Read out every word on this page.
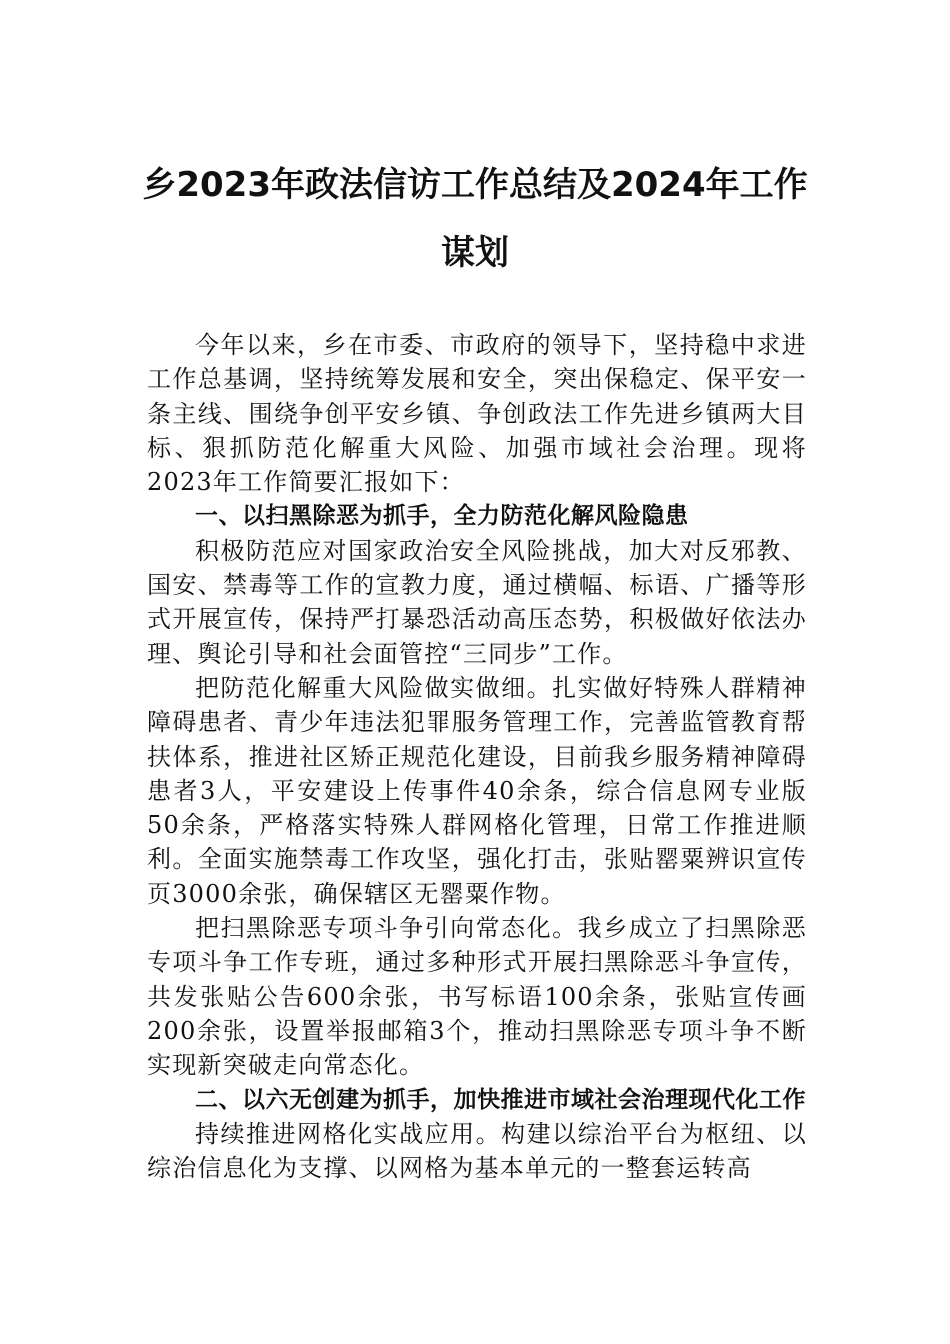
乡2023年政法信访工作总结及2024年工作
谋划

今年以来，乡在市委、市政府的领导下，坚持稳中求进工作总基调，坚持统筹发展和安全，突出保稳定、保平安一条主线、围绕争创平安乡镇、争创政法工作先进乡镇两大目标、狠抓防范化解重大风险、加强市域社会治理。现将2023年工作简要汇报如下：

一、以扫黑除恶为抓手，全力防范化解风险隐患

积极防范应对国家政治安全风险挑战，加大对反邪教、国安、禁毒等工作的宣教力度，通过横幅、标语、广播等形式开展宣传，保持严打暴恐活动高压态势，积极做好依法办理、舆论引导和社会面管控“三同步”工作。

把防范化解重大风险做实做细。扎实做好特殊人群精神障碍患者、青少年违法犯罪服务管理工作，完善监管教育帮扶体系，推进社区矫正规范化建设，目前我乡服务精神障碍患者3人，平安建设上传事件40余条，综合信息网专业版50余条，严格落实特殊人群网格化管理，日常工作推进顺利。全面实施禁毒工作攻坚，强化打击，张贴罂粟辨识宣传页3000余张，确保辖区无罂粟作物。

把扫黑除恶专项斗争引向常态化。我乡成立了扫黑除恶专项斗争工作专班，通过多种形式开展扫黑除恶斗争宣传，共发张贴公告600余张，书写标语100余条，张贴宣传画200余张，设置举报邮箱3个，推动扫黑除恶专项斗争不断实现新突破走向常态化。

二、以六无创建为抓手，加快推进市域社会治理现代化工作

持续推进网格化实战应用。构建以综治平台为枢纽、以综治信息化为支撑、以网格为基本单元的一整套运转高
